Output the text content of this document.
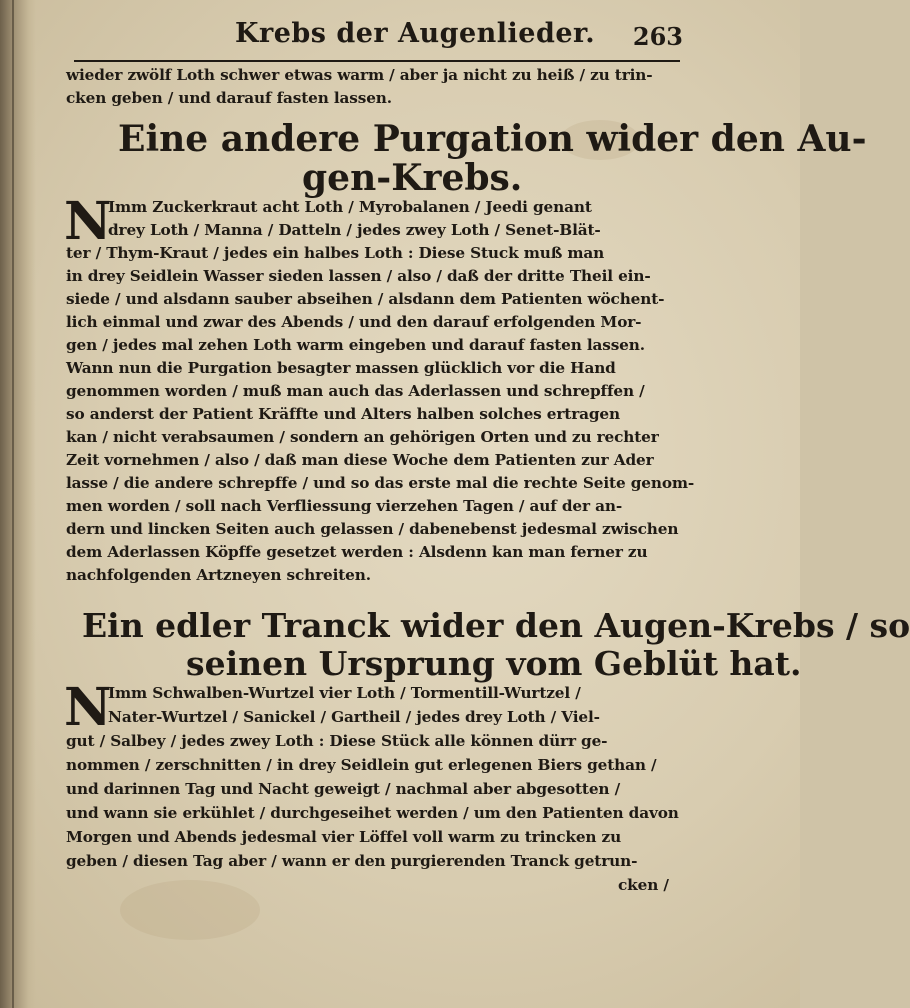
Krebs der Augenlieder. 263
wieder zwölf Loth schwer etwas warm / aber ja nicht zu heiß / zu trin-
cken geben / und darauf fasten lassen.
Eine andere Purgation wider den Au-
gen-Krebs.
N
Imm Zuckerkraut acht Loth / Myrobalanen / Jeedi genant
drey Loth / Manna / Datteln / jedes zwey Loth / Senet-Blät-
ter / Thym-Kraut / jedes ein halbes Loth : Diese Stuck muß man
in drey Seidlein Wasser sieden lassen / also / daß der dritte Theil ein-
siede / und alsdann sauber abseihen / alsdann dem Patienten wöchent-
lich einmal und zwar des Abends / und den darauf erfolgenden Mor-
gen / jedes mal zehen Loth warm eingeben und darauf fasten lassen.
Wann nun die Purgation besagter massen glücklich vor die Hand
genommen worden / muß man auch das Aderlassen und schrepffen /
so anderst der Patient Kräffte und Alters halben solches ertragen
kan / nicht verabsaumen / sondern an gehörigen Orten und zu rechter
Zeit vornehmen / also / daß man diese Woche dem Patienten zur Ader
lasse / die andere schrepffe / und so das erste mal die rechte Seite genom-
men worden / soll nach Verfliessung vierzehen Tagen / auf der an-
dern und lincken Seiten auch gelassen / dabenebenst jedesmal zwischen
dem Aderlassen Köpffe gesetzet werden : Alsdenn kan man ferner zu
nachfolgenden Artzneyen schreiten.
Ein edler Tranck wider den Augen-Krebs / so
seinen Ursprung vom Geblüt hat.
N
Imm Schwalben-Wurtzel vier Loth / Tormentill-Wurtzel /
Nater-Wurtzel / Sanickel / Gartheil / jedes drey Loth / Viel-
gut / Salbey / jedes zwey Loth : Diese Stück alle können dürr ge-
nommen / zerschnitten / in drey Seidlein gut erlegenen Biers gethan /
und darinnen Tag und Nacht geweigt / nachmal aber abgesotten /
und wann sie erkühlet / durchgeseihet werden / um den Patienten davon
Morgen und Abends jedesmal vier Löffel voll warm zu trincken zu
geben / diesen Tag aber / wann er den purgierenden Tranck getrun-
cken /
